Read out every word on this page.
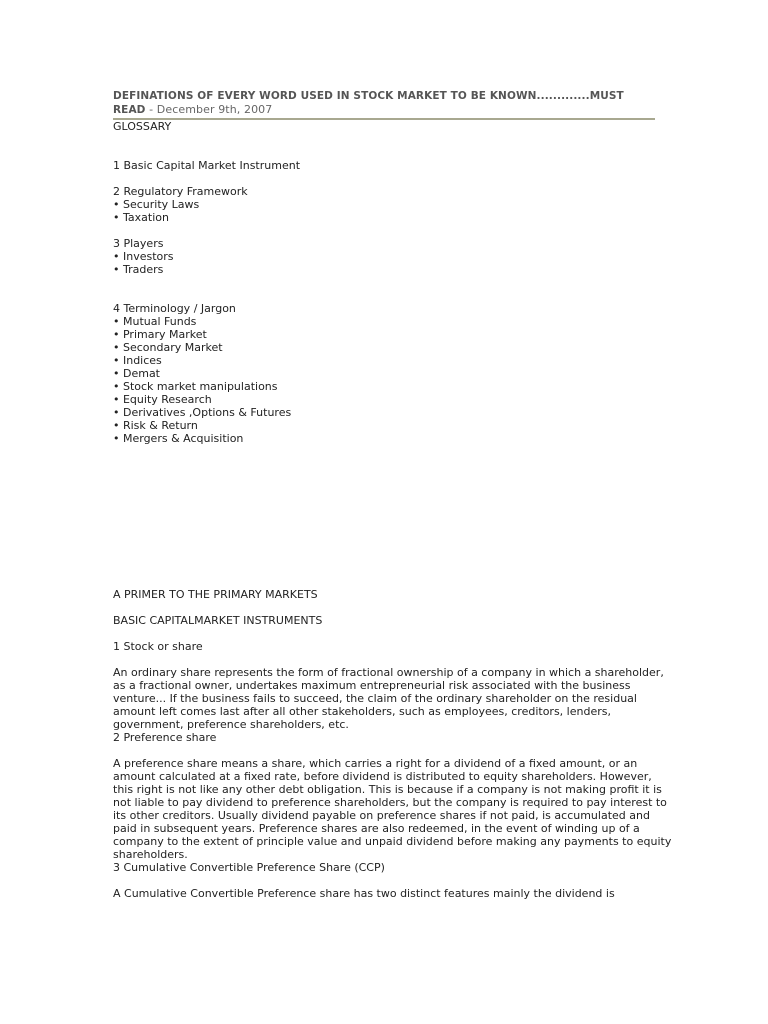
DEFINATIONS OF EVERY WORD USED IN STOCK MARKET TO BE KNOWN.............MUST
READ - December 9th, 2007
GLOSSARY
1 Basic Capital Market Instrument
2 Regulatory Framework
• Security Laws
• Taxation
3 Players
• Investors
• Traders
4 Terminology / Jargon
• Mutual Funds
• Primary Market
• Secondary Market
• Indices
• Demat
• Stock market manipulations
• Equity Research
• Derivatives ,Options & Futures
• Risk & Return
• Mergers & Acquisition
A PRIMER TO THE PRIMARY MARKETS
BASIC CAPITALMARKET INSTRUMENTS
1 Stock or share
An ordinary share represents the form of fractional ownership of a company in which a shareholder,
as a fractional owner, undertakes maximum entrepreneurial risk associated with the business
venture... If the business fails to succeed, the claim of the ordinary shareholder on the residual
amount left comes last after all other stakeholders, such as employees, creditors, lenders,
government, preference shareholders, etc.
2 Preference share
A preference share means a share, which carries a right for a dividend of a fixed amount, or an
amount calculated at a fixed rate, before dividend is distributed to equity shareholders. However,
this right is not like any other debt obligation. This is because if a company is not making profit it is
not liable to pay dividend to preference shareholders, but the company is required to pay interest to
its other creditors. Usually dividend payable on preference shares if not paid, is accumulated and
paid in subsequent years. Preference shares are also redeemed, in the event of winding up of a
company to the extent of principle value and unpaid dividend before making any payments to equity
shareholders.
3 Cumulative Convertible Preference Share (CCP)
A Cumulative Convertible Preference share has two distinct features mainly the dividend is
